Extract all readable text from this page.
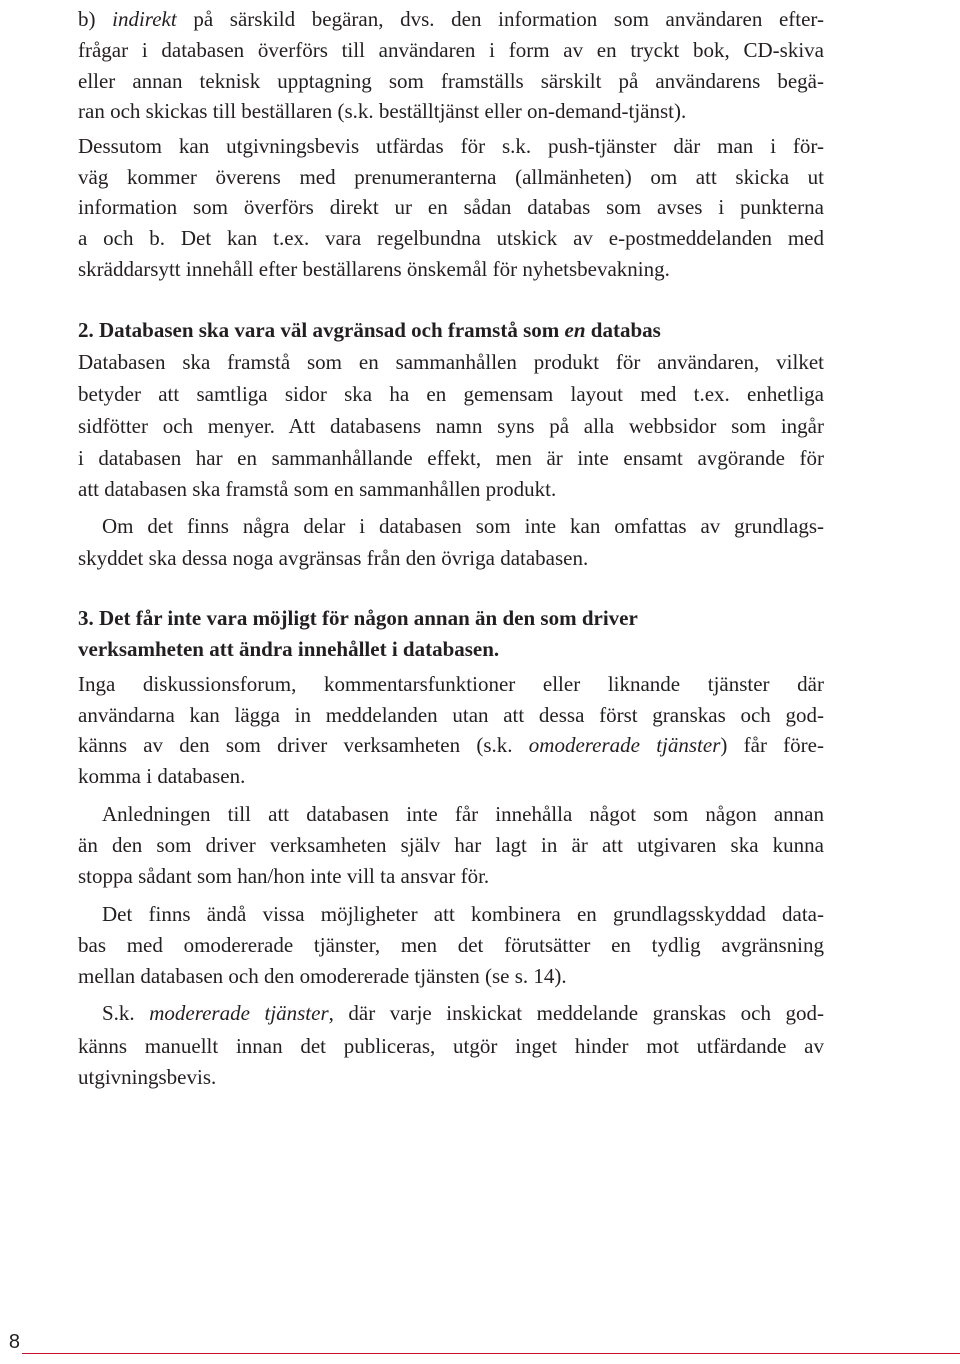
b) indirekt på särskild begäran, dvs. den information som användaren efter-
frågar i databasen överförs till användaren i form av en tryckt bok, CD-skiva
eller annan teknisk upptagning som framställs särskilt på användarens begä-
ran och skickas till beställaren (s.k. beställtjänst eller on-demand-tjänst).
Dessutom kan utgivningsbevis utfärdas för s.k. push-tjänster där man i för-
väg kommer överens med prenumeranterna (allmänheten) om att skicka ut
information som överförs direkt ur en sådan databas som avses i punkterna
a och b. Det kan t.ex. vara regelbundna utskick av e-postmeddelanden med
skräddarsytt innehåll efter beställarens önskemål för nyhetsbevakning.
2. Databasen ska vara väl avgränsad och framstå som en databas
Databasen ska framstå som en sammanhållen produkt för användaren, vilket
betyder att samtliga sidor ska ha en gemensam layout med t.ex. enhetliga
sidfötter och menyer. Att databasens namn syns på alla webbsidor som ingår
i databasen har en sammanhållande effekt, men är inte ensamt avgörande för
att databasen ska framstå som en sammanhållen produkt.
Om det finns några delar i databasen som inte kan omfattas av grundlags-
skyddet ska dessa noga avgränsas från den övriga databasen.
3. Det får inte vara möjligt för någon annan än den som driver
verksamheten att ändra innehållet i databasen.
Inga diskussionsforum, kommentarsfunktioner eller liknande tjänster där
användarna kan lägga in meddelanden utan att dessa först granskas och god-
känns av den som driver verksamheten (s.k. omodererade tjänster) får före-
komma i databasen.
Anledningen till att databasen inte får innehålla något som någon annan
än den som driver verksamheten själv har lagt in är att utgivaren ska kunna
stoppa sådant som han/hon inte vill ta ansvar för.
Det finns ändå vissa möjligheter att kombinera en grundlagsskyddad data-
bas med omodererade tjänster, men det förutsätter en tydlig avgränsning
mellan databasen och den omodererade tjänsten (se s. 14).
S.k. modererade tjänster, där varje inskickat meddelande granskas och god-
känns manuellt innan det publiceras, utgör inget hinder mot utfärdande av
utgivningsbevis.
8
